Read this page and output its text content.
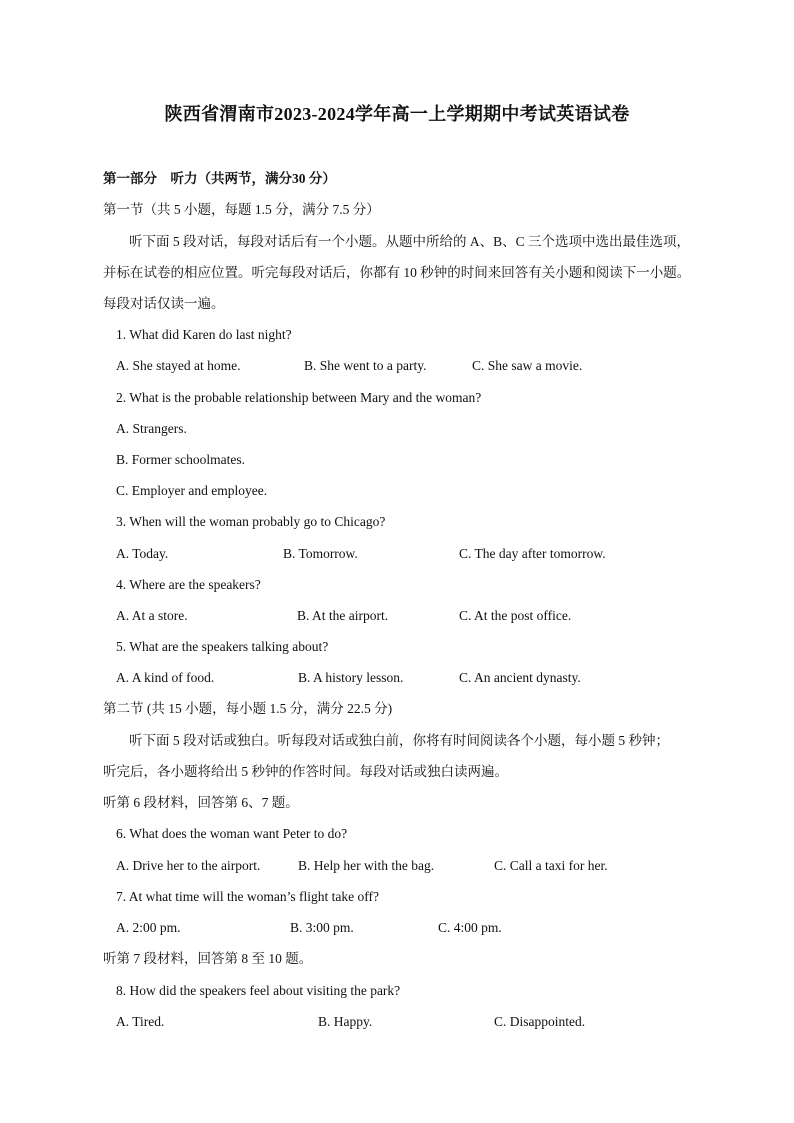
陕西省渭南市2023-2024学年高一上学期期中考试英语试卷
第一部分　听力（共两节，满分30 分）
第一节（共 5 小题，每题 1.5 分，满分 7.5 分）
听下面 5 段对话，每段对话后有一个小题。从题中所给的 A、B、C 三个选项中选出最佳选项，
并标在试卷的相应位置。听完每段对话后，你都有 10 秒钟的时间来回答有关小题和阅读下一小题。
每段对话仅读一遍。
1. What did Karen do last night?
A. She stayed at home.	B. She went to a party.	C. She saw a movie.
2. What is the probable relationship between Mary and the woman?
A. Strangers.
B. Former schoolmates.
C. Employer and employee.
3. When will the woman probably go to Chicago?
A. Today.	B. Tomorrow.	C. The day after tomorrow.
4. Where are the speakers?
A. At a store.	B. At the airport.	C. At the post office.
5. What are the speakers talking about?
A. A kind of food.	B. A history lesson.	C. An ancient dynasty.
第二节 (共 15 小题，每小题 1.5 分，满分 22.5 分)
听下面 5 段对话或独白。听每段对话或独白前，你将有时间阅读各个小题，每小题 5 秒钟；
听完后，各小题将给出 5 秒钟的作答时间。每段对话或独白读两遍。
听第 6 段材料，回答第 6、7 题。
6. What does the woman want Peter to do?
A. Drive her to the airport.	B. Help her with the bag.	C. Call a taxi for her.
7. At what time will the woman’s flight take off?
A. 2:00 pm.	B. 3:00 pm.	C. 4:00 pm.
听第 7 段材料，回答第 8 至 10 题。
8. How did the speakers feel about visiting the park?
A. Tired.	B. Happy.	C. Disappointed.
